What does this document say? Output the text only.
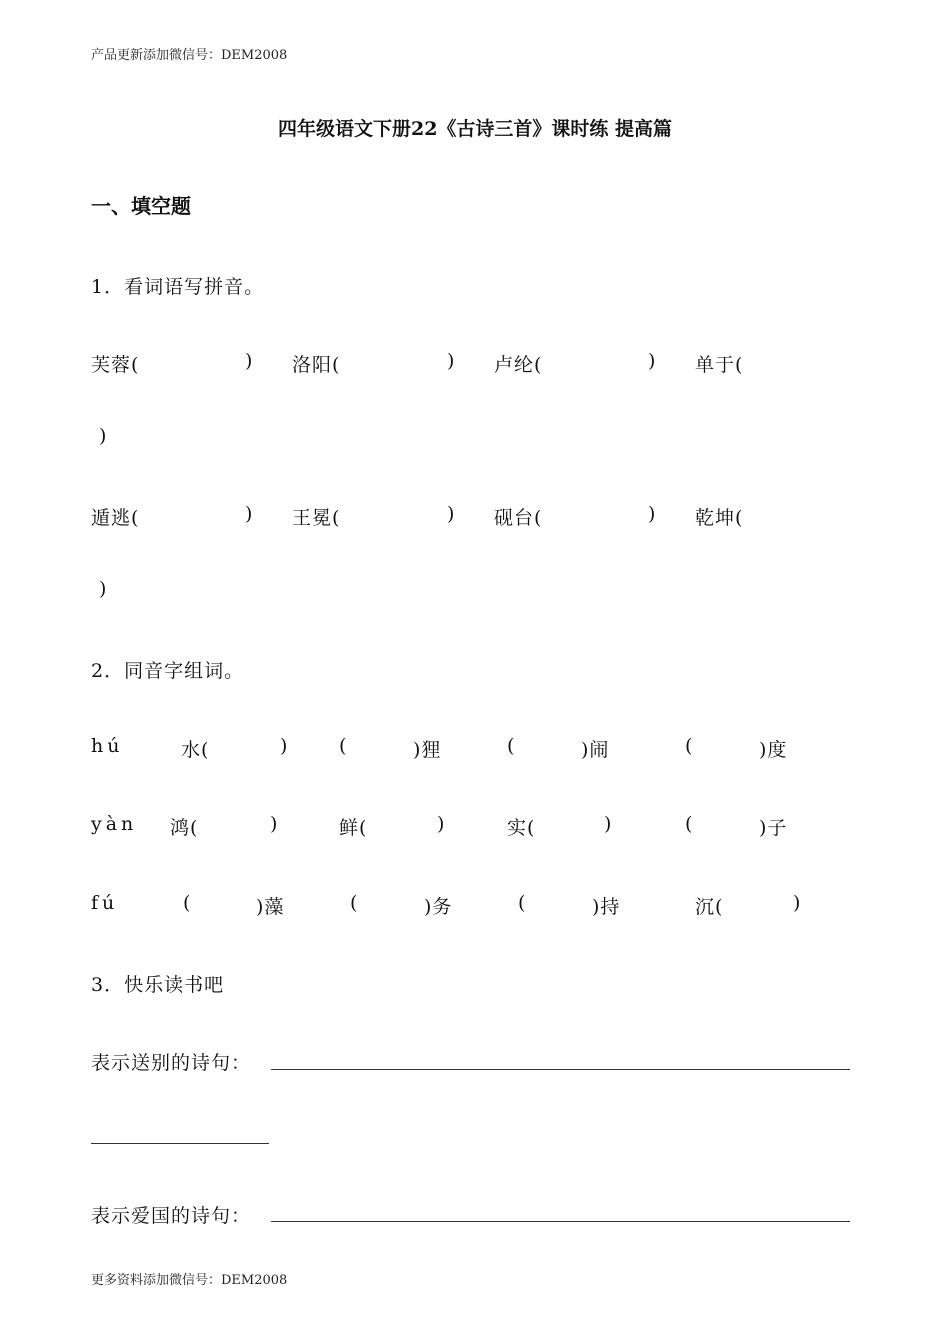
产品更新添加微信号：DEM2008
四年级语文下册22《古诗三首》课时练 提高篇
一、填空题
1．看词语写拼音。
芙蓉(	) 洛阳(	) 卢纶(	) 单于(
)
遁逃(	) 王冕(	) 砚台(	) 乾坤(
)
2．同音字组词。
hú	水(	)	(	)狸	(	)闹	(	)度
yàn 鸿(	)	鲜(	)	实(	)	(	)子
fú	(	)藻	(	)务	(	)持	沉(	)
3．快乐读书吧
表示送别的诗句：
表示爱国的诗句：
更多资料添加微信号：DEM2008
